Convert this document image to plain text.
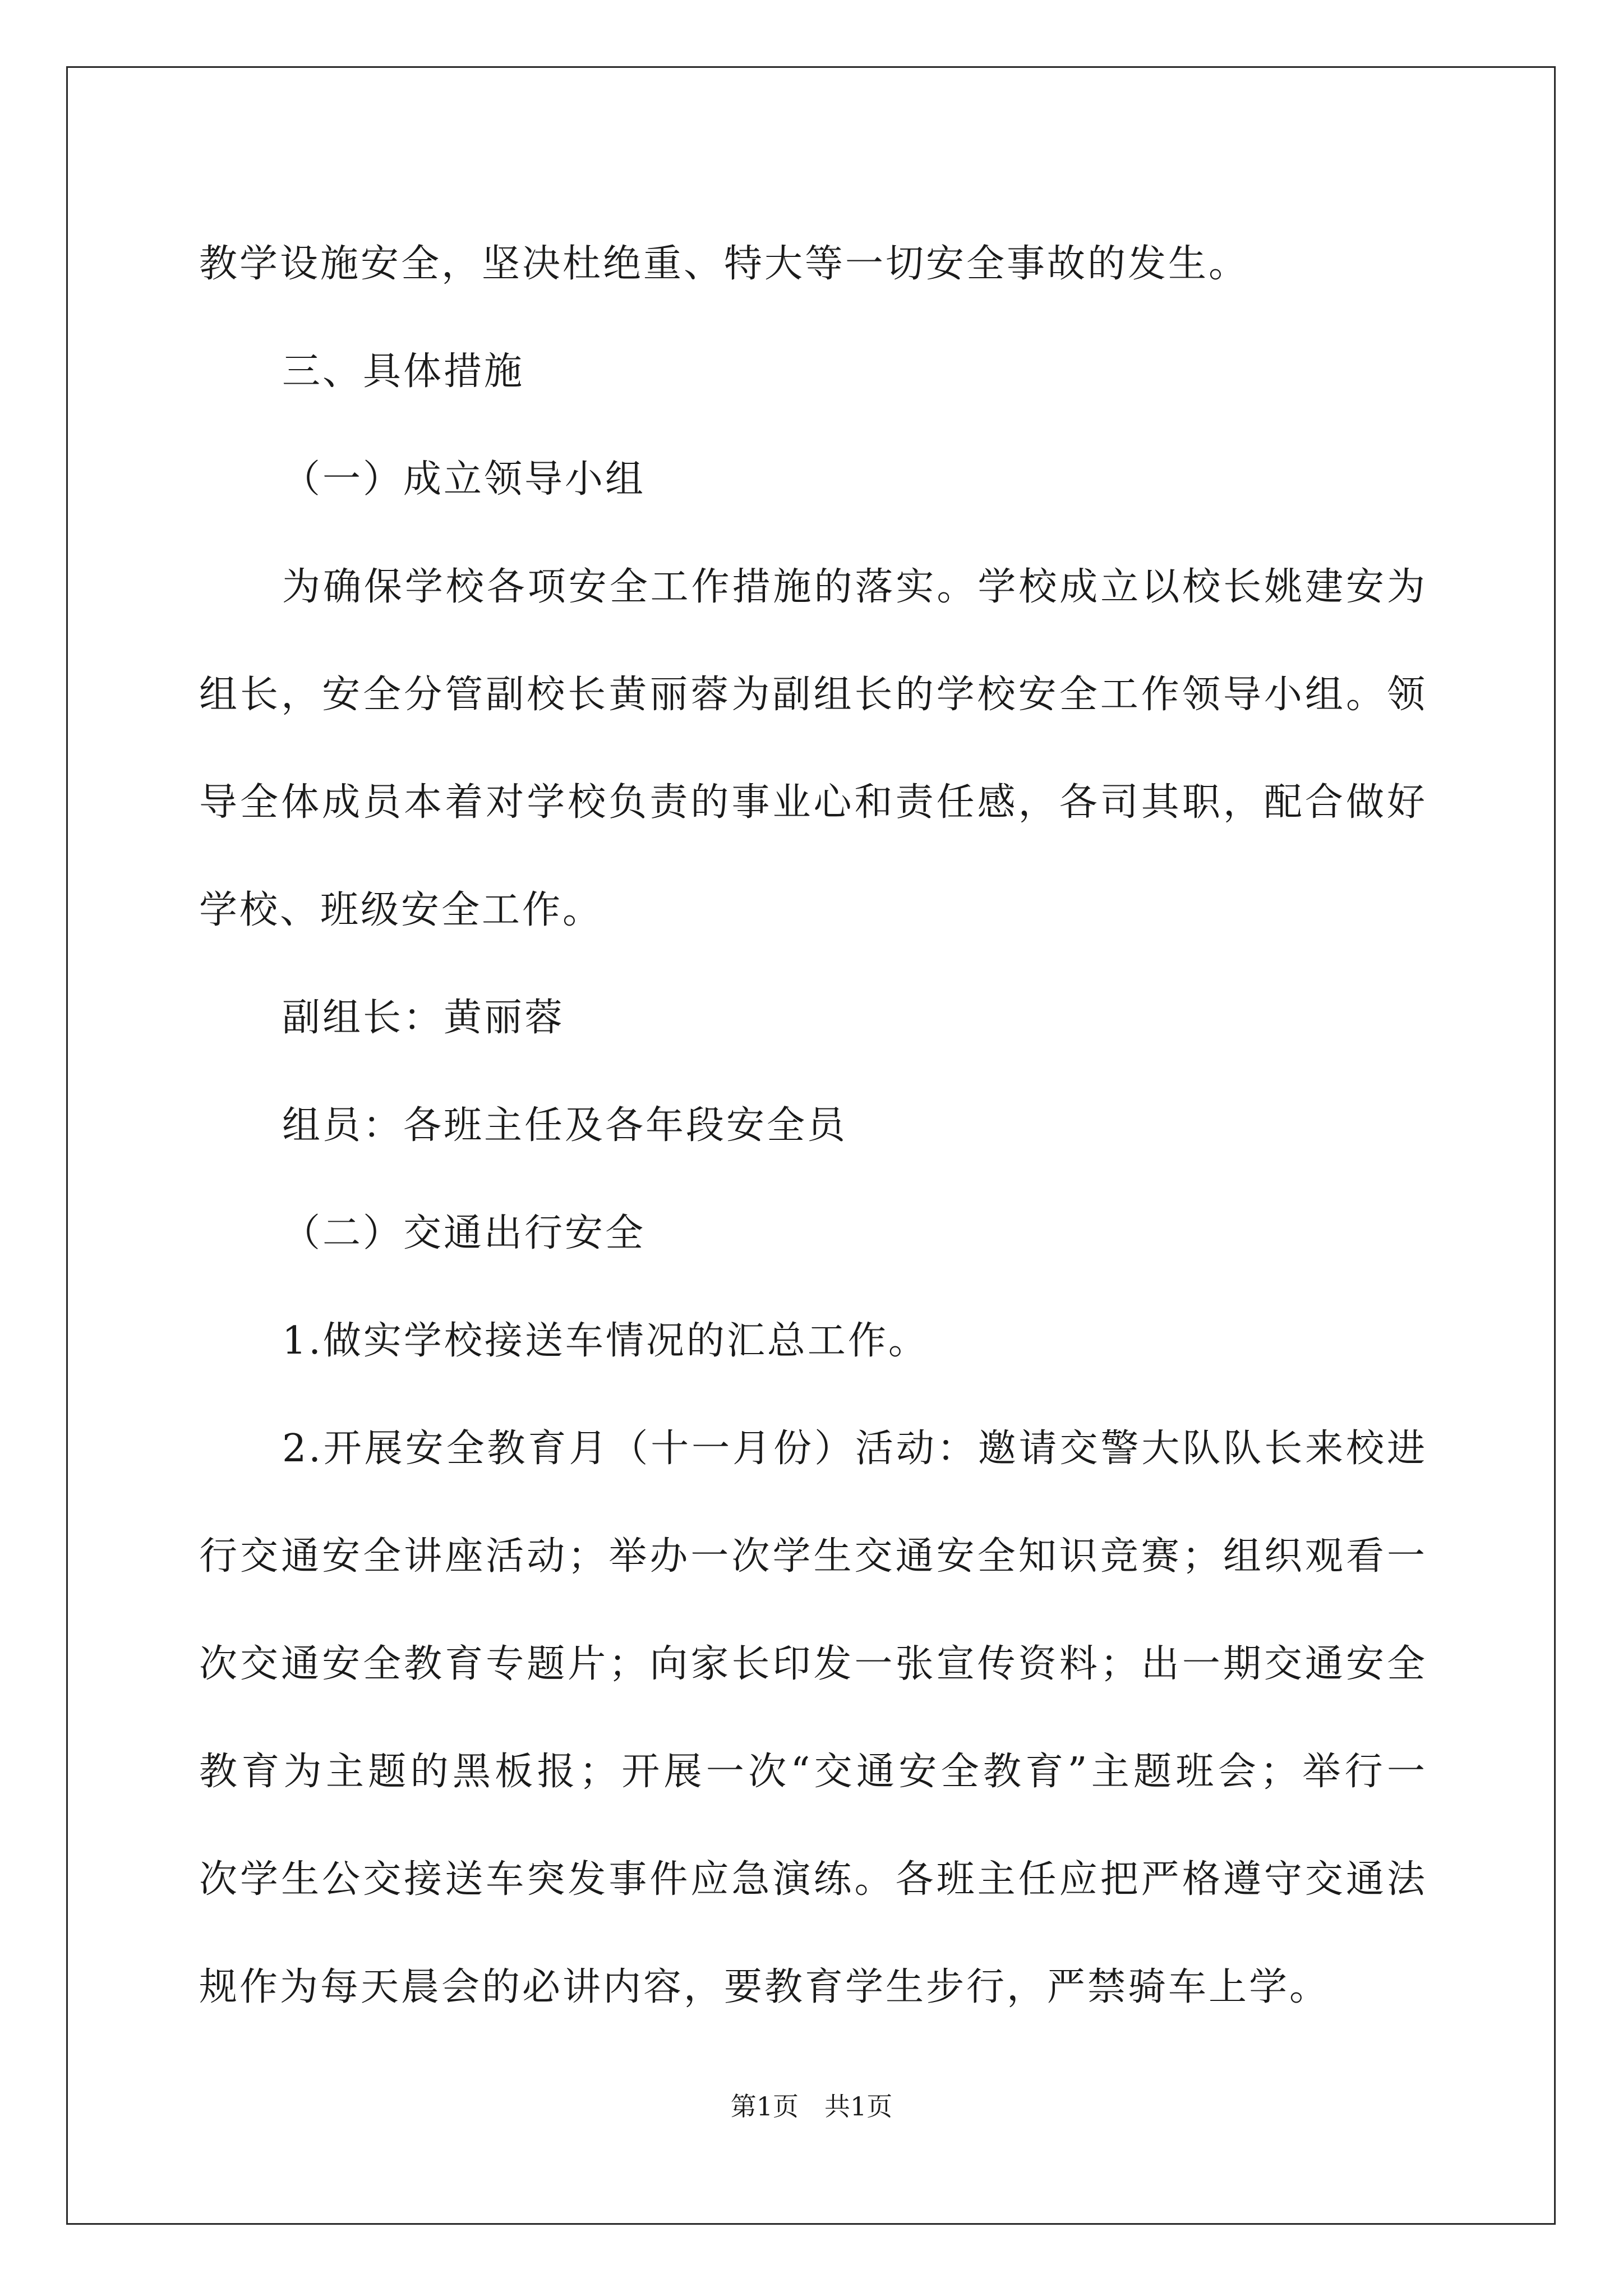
教学设施安全，坚决杜绝重、特大等一切安全事故的发生。
三、具体措施
（一）成立领导小组
为确保学校各项安全工作措施的落实。学校成立以校长姚建安为
组长，安全分管副校长黄丽蓉为副组长的学校安全工作领导小组。领
导全体成员本着对学校负责的事业心和责任感，各司其职，配合做好
学校、班级安全工作。
副组长：黄丽蓉
组员：各班主任及各年段安全员
（二）交通出行安全
1.做实学校接送车情况的汇总工作。
2.开展安全教育月（十一月份）活动：邀请交警大队队长来校进
行交通安全讲座活动；举办一次学生交通安全知识竞赛；组织观看一
次交通安全教育专题片；向家长印发一张宣传资料；出一期交通安全
教育为主题的黑板报；开展一次“交通安全教育”主题班会；举行一
次学生公交接送车突发事件应急演练。各班主任应把严格遵守交通法
规作为每天晨会的必讲内容，要教育学生步行，严禁骑车上学。
第1页　共1页
